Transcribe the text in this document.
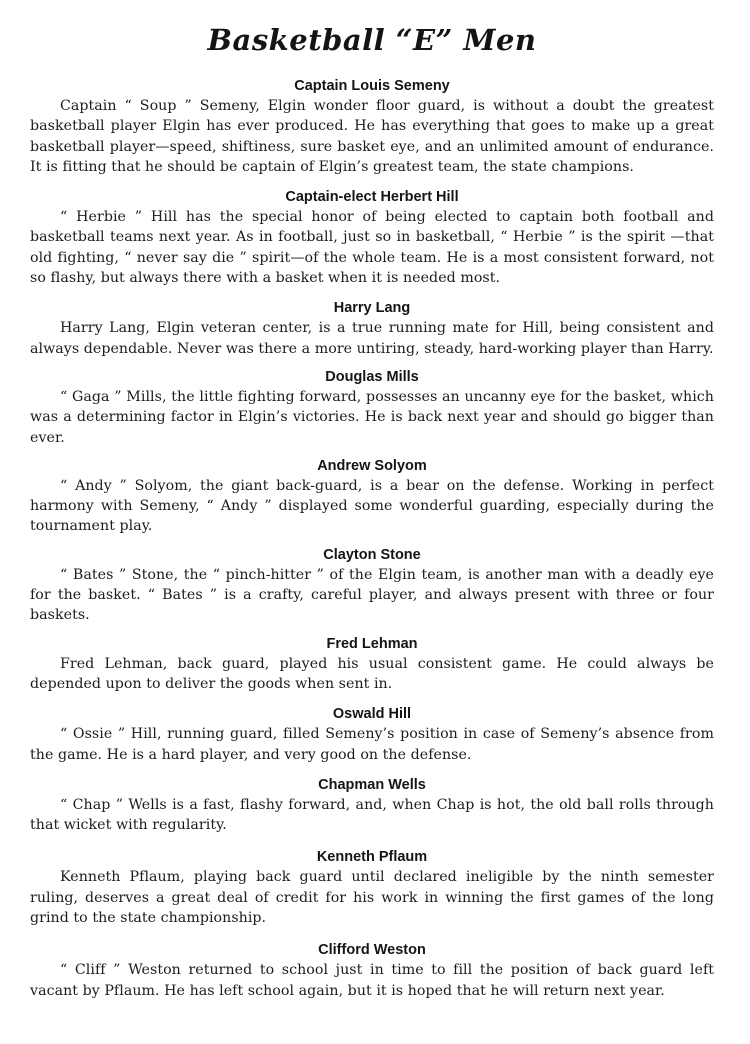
Basketball “E” Men

Captain Louis Semeny

Captain “ Soup ” Semeny, Elgin wonder floor guard, is without a doubt the greatest basketball player Elgin has ever produced. He has everything that goes to make up a great basketball player—speed, shiftiness, sure basket eye, and an unlimited amount of endurance. It is fitting that he should be captain of Elgin’s greatest team, the state champions.

Captain-elect Herbert Hill

“ Herbie ” Hill has the special honor of being elected to captain both football and basketball teams next year. As in football, just so in basketball, “ Herbie ” is the spirit —that old fighting, “ never say die ” spirit—of the whole team. He is a most consistent forward, not so flashy, but always there with a basket when it is needed most.

Harry Lang

Harry Lang, Elgin veteran center, is a true running mate for Hill, being consistent and always dependable. Never was there a more untiring, steady, hard-working player than Harry.

Douglas Mills

“ Gaga ” Mills, the little fighting forward, possesses an uncanny eye for the basket, which was a determining factor in Elgin’s victories. He is back next year and should go bigger than ever.

Andrew Solyom

“ Andy ” Solyom, the giant back-guard, is a bear on the defense. Working in perfect harmony with Semeny, “ Andy ” displayed some wonderful guarding, especially during the tournament play.

Clayton Stone

“ Bates ” Stone, the “ pinch-hitter ” of the Elgin team, is another man with a deadly eye for the basket. “ Bates ” is a crafty, careful player, and always present with three or four baskets.

Fred Lehman

Fred Lehman, back guard, played his usual consistent game. He could always be depended upon to deliver the goods when sent in.

Oswald Hill

“ Ossie ” Hill, running guard, filled Semeny’s position in case of Semeny’s absence from the game. He is a hard player, and very good on the defense.

Chapman Wells

“ Chap ” Wells is a fast, flashy forward, and, when Chap is hot, the old ball rolls through that wicket with regularity.

Kenneth Pflaum

Kenneth Pflaum, playing back guard until declared ineligible by the ninth semester ruling, deserves a great deal of credit for his work in winning the first games of the long grind to the state championship.

Clifford Weston

“ Cliff ” Weston returned to school just in time to fill the position of back guard left vacant by Pflaum. He has left school again, but it is hoped that he will return next year.
